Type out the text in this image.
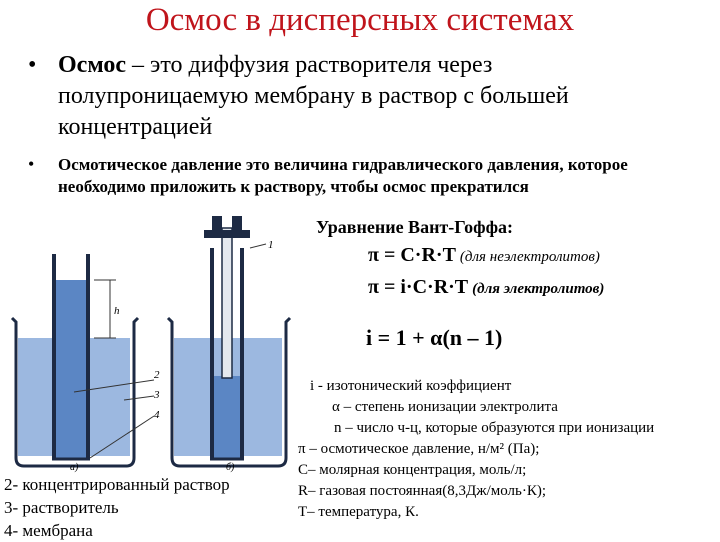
Осмос в дисперсных системах
• Осмос – это диффузия растворителя через
полупроницаемую мембрану в раствор с большей
концентрацией
• Осмотическое давление это величина гидравлического давления, которое
необходимо приложить к раствору, чтобы осмос прекратился
Уравнение Вант-Гоффа:
π = C·R·T (для неэлектролитов)
π = i·C·R·T (для электролитов)
i = 1 + α(n – 1)
i - изотонический коэффициент
α – степень ионизации электролита
n – число ч-ц, которые образуются при ионизации
π – осмотическое давление, н/м² (Па);
C– молярная концентрация, моль/л;
R– газовая постоянная(8,3Дж/моль·К);
T– температура, К.
h
а)
1
б)
2
3
4
2- концентрированный раствор
3- растворитель
4- мембрана
